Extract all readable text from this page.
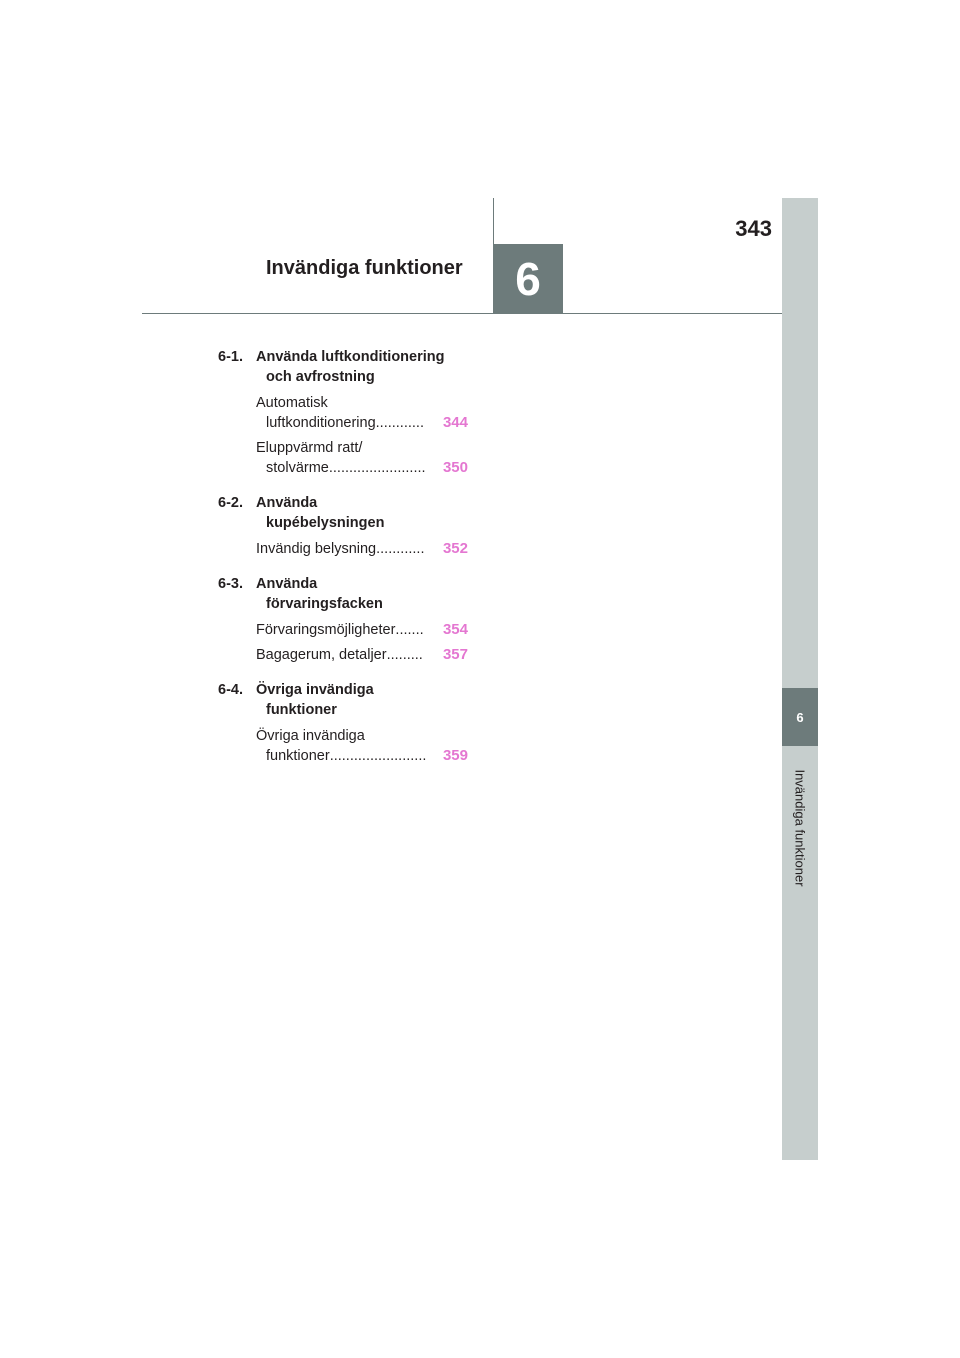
343
Invändiga funktioner 6
6
Invändiga funktioner
6-1. Använda luftkonditionering
och avfrostning
Automatisk
luftkonditionering ............	344
Eluppvärmd ratt/
stolvärme ........................	350
6-2. Använda
kupébelysningen
Invändig belysning ............	352
6-3. Använda
förvaringsfacken
Förvaringsmöjligheter .......	354
Bagagerum, detaljer .........	357
6-4. Övriga invändiga
funktioner
Övriga invändiga
funktioner ........................	359
